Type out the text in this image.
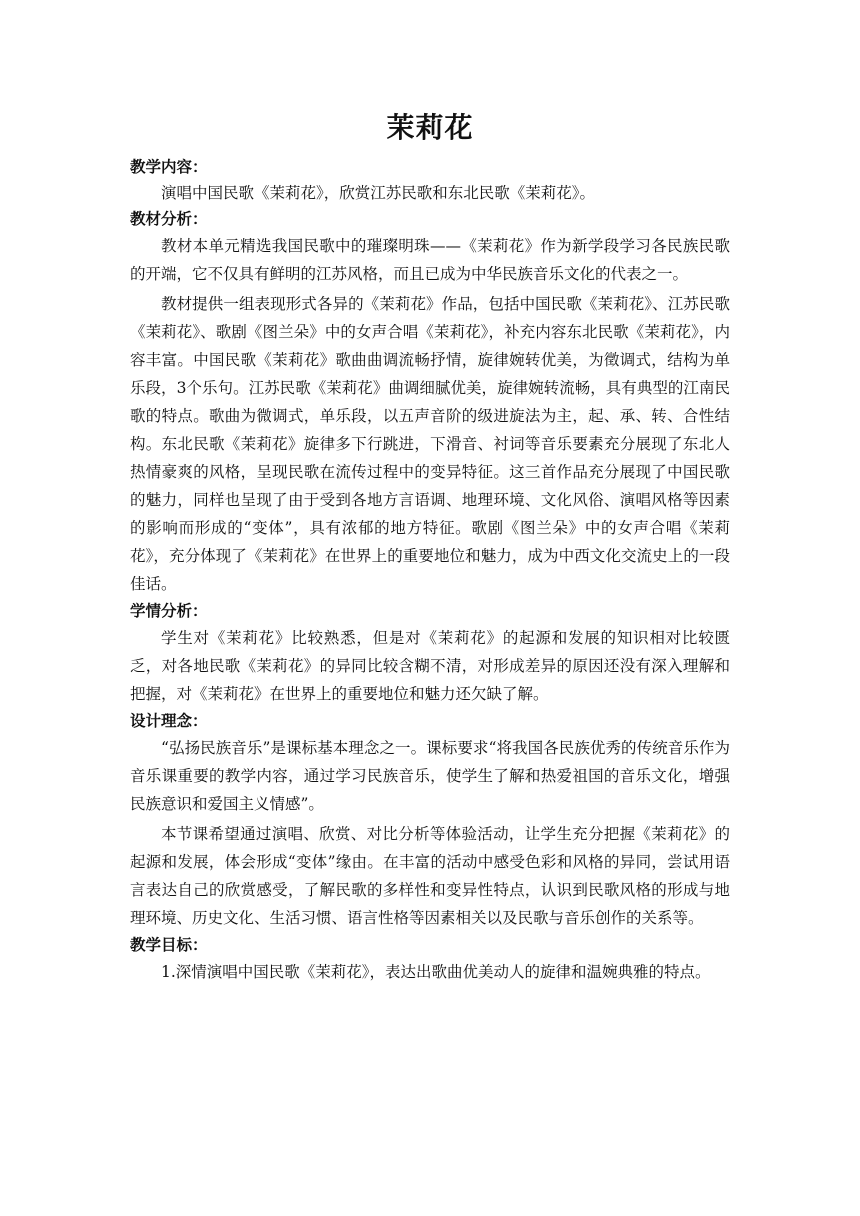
茉莉花

教学内容：

演唱中国民歌《茉莉花》，欣赏江苏民歌和东北民歌《茉莉花》。

教材分析：

教材本单元精选我国民歌中的璀璨明珠——《茉莉花》作为新学段学习各民族民歌的开端，它不仅具有鲜明的江苏风格，而且已成为中华民族音乐文化的代表之一。

教材提供一组表现形式各异的《茉莉花》作品，包括中国民歌《茉莉花》、江苏民歌《茉莉花》、歌剧《图兰朵》中的女声合唱《茉莉花》，补充内容东北民歌《茉莉花》，内容丰富。中国民歌《茉莉花》歌曲曲调流畅抒情，旋律婉转优美，为徵调式，结构为单乐段，3个乐句。江苏民歌《茉莉花》曲调细腻优美，旋律婉转流畅，具有典型的江南民歌的特点。歌曲为微调式，单乐段，以五声音阶的级进旋法为主，起、承、转、合性结构。东北民歌《茉莉花》旋律多下行跳进，下滑音、衬词等音乐要素充分展现了东北人热情豪爽的风格，呈现民歌在流传过程中的变异特征。这三首作品充分展现了中国民歌的魅力，同样也呈现了由于受到各地方言语调、地理环境、文化风俗、演唱风格等因素的影响而形成的“变体”，具有浓郁的地方特征。歌剧《图兰朵》中的女声合唱《茉莉花》，充分体现了《茉莉花》在世界上的重要地位和魅力，成为中西文化交流史上的一段佳话。

学情分析：

学生对《茉莉花》比较熟悉，但是对《茉莉花》的起源和发展的知识相对比较匮乏，对各地民歌《茉莉花》的异同比较含糊不清，对形成差异的原因还没有深入理解和把握，对《茉莉花》在世界上的重要地位和魅力还欠缺了解。

设计理念：

“弘扬民族音乐”是课标基本理念之一。课标要求“将我国各民族优秀的传统音乐作为音乐课重要的教学内容，通过学习民族音乐，使学生了解和热爱祖国的音乐文化，增强民族意识和爱国主义情感”。

本节课希望通过演唱、欣赏、对比分析等体验活动，让学生充分把握《茉莉花》的起源和发展，体会形成“变体”缘由。在丰富的活动中感受色彩和风格的异同，尝试用语言表达自己的欣赏感受，了解民歌的多样性和变异性特点，认识到民歌风格的形成与地理环境、历史文化、生活习惯、语言性格等因素相关以及民歌与音乐创作的关系等。

教学目标：

1.深情演唱中国民歌《茉莉花》，表达出歌曲优美动人的旋律和温婉典雅的特点。
